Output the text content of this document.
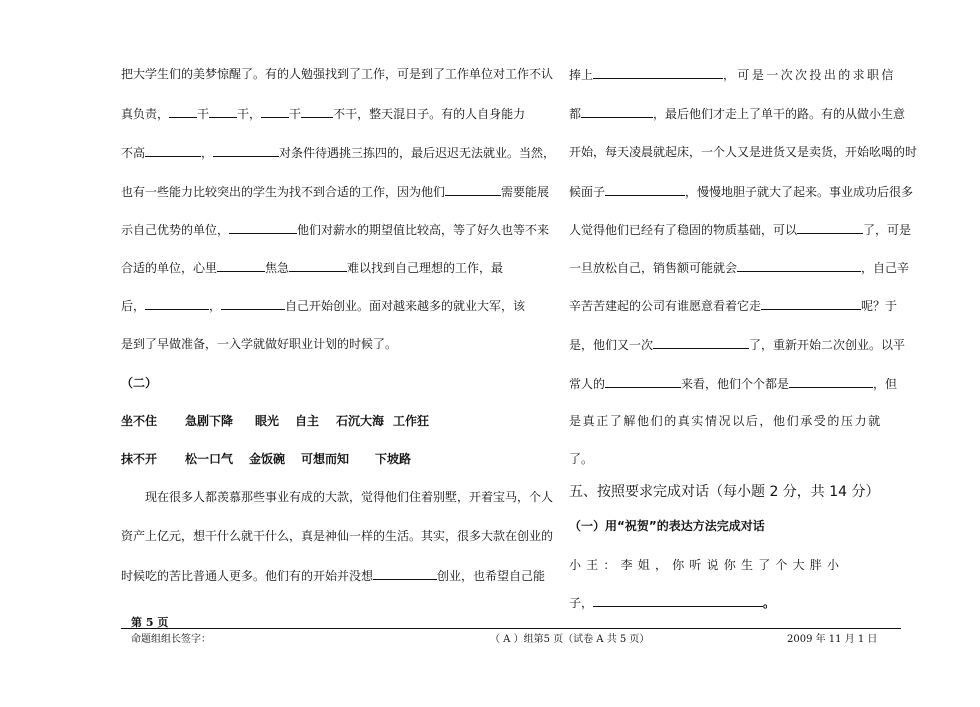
把大学生们的美梦惊醒了。有的人勉强找到了工作，可是到了工作单位对工作不认
真负责， 干 干， 干	不干，整天混日子。有的人自身能力
不高	，	对条件待遇挑三拣四的，最后迟迟无法就业。当然，
也有一些能力比较突出的学生为找不到合适的工作，因为他们	需要能展
示自己优势的单位，	他们对薪水的期望值比较高，等了好久也等不来
合适的单位，心里	焦急	难以找到自己理想的工作，最
后，	，	自己开始创业。面对越来越多的就业大军，该
是到了早做准备，一入学就做好职业计划的时候了。
（二）
坐不住 急剧下降 眼光 自主 石沉大海 工作狂
抹不开 松一口气 金饭碗 可想而知 下坡路
现在很多人都羡慕那些事业有成的大款，觉得他们住着别墅，开着宝马，个人
资产上亿元，想干什么就干什么，真是神仙一样的生活。其实，很多大款在创业的
时候吃的苦比普通人更多。他们有的开始并没想	创业，也希望自己能
捧上	，可是一次次投出的求职信
都	，最后他们才走上了单干的路。有的从做小生意
开始，每天凌晨就起床，一个人又是进货又是卖货，开始吆喝的时
候面子	，慢慢地胆子就大了起来。事业成功后很多
人觉得他们已经有了稳固的物质基础，可以	了，可是
一旦放松自己，销售额可能就会	，自己辛
辛苦苦建起的公司有谁愿意看着它走	呢？于
是，他们又一次	了，重新开始二次创业。以平
常人的	来看，他们个个都是	，但
是真正了解他们的真实情况以后，他们承受的压力就
了。
五、按照要求完成对话（每小题 2 分，共 14 分）
（一）用“祝贺”的表达方法完成对话
小王：李姐，你听说你生了个大胖小
子，	。
第 5 页
命题组组长签字：	（ A ）组第5 页（试卷 A 共 5 页）	2009 年 11 月 1 日
